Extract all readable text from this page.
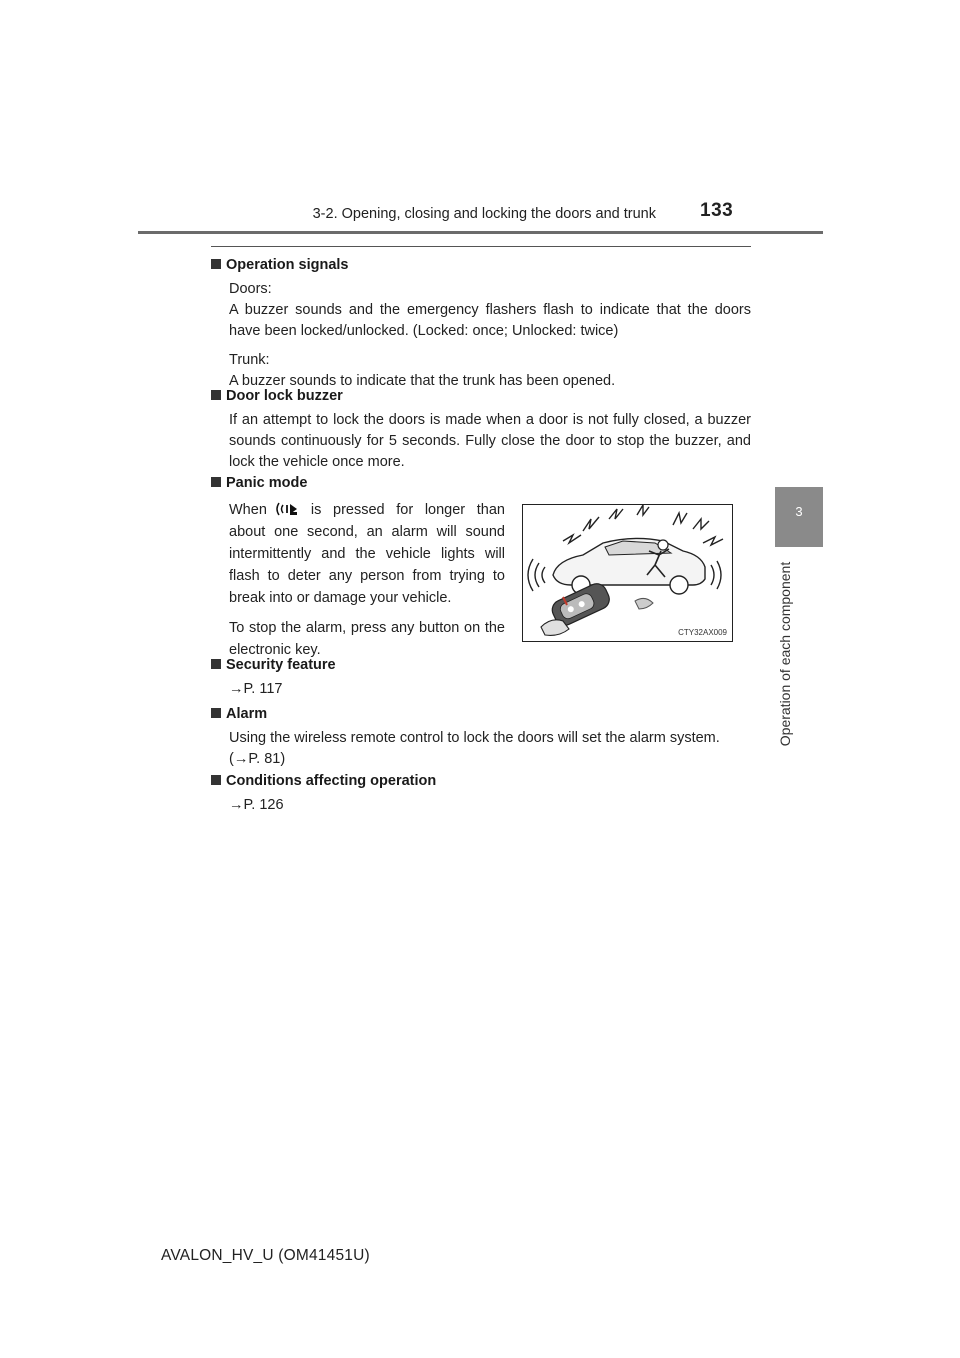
3-2. Opening, closing and locking the doors and trunk 133
3
Operation of each component
Operation signals
Doors:
A buzzer sounds and the emergency flashers flash to indicate that the doors have been locked/unlocked. (Locked: once; Unlocked: twice)
Trunk:
A buzzer sounds to indicate that the trunk has been opened.
Door lock buzzer
If an attempt to lock the doors is made when a door is not fully closed, a buzzer sounds continuously for 5 seconds. Fully close the door to stop the buzzer, and lock the vehicle once more.
Panic mode

When	is pressed for longer than about one second, an alarm will sound intermittently and the vehicle lights will flash to deter any person from trying to break into or damage your vehicle.

To stop the alarm, press any button on the electronic key.

CTY32AX009
Security feature
→P. 117
Alarm
Using the wireless remote control to lock the doors will set the alarm system. (→P. 81)
Conditions affecting operation
→P. 126
AVALON_HV_U (OM41451U)
